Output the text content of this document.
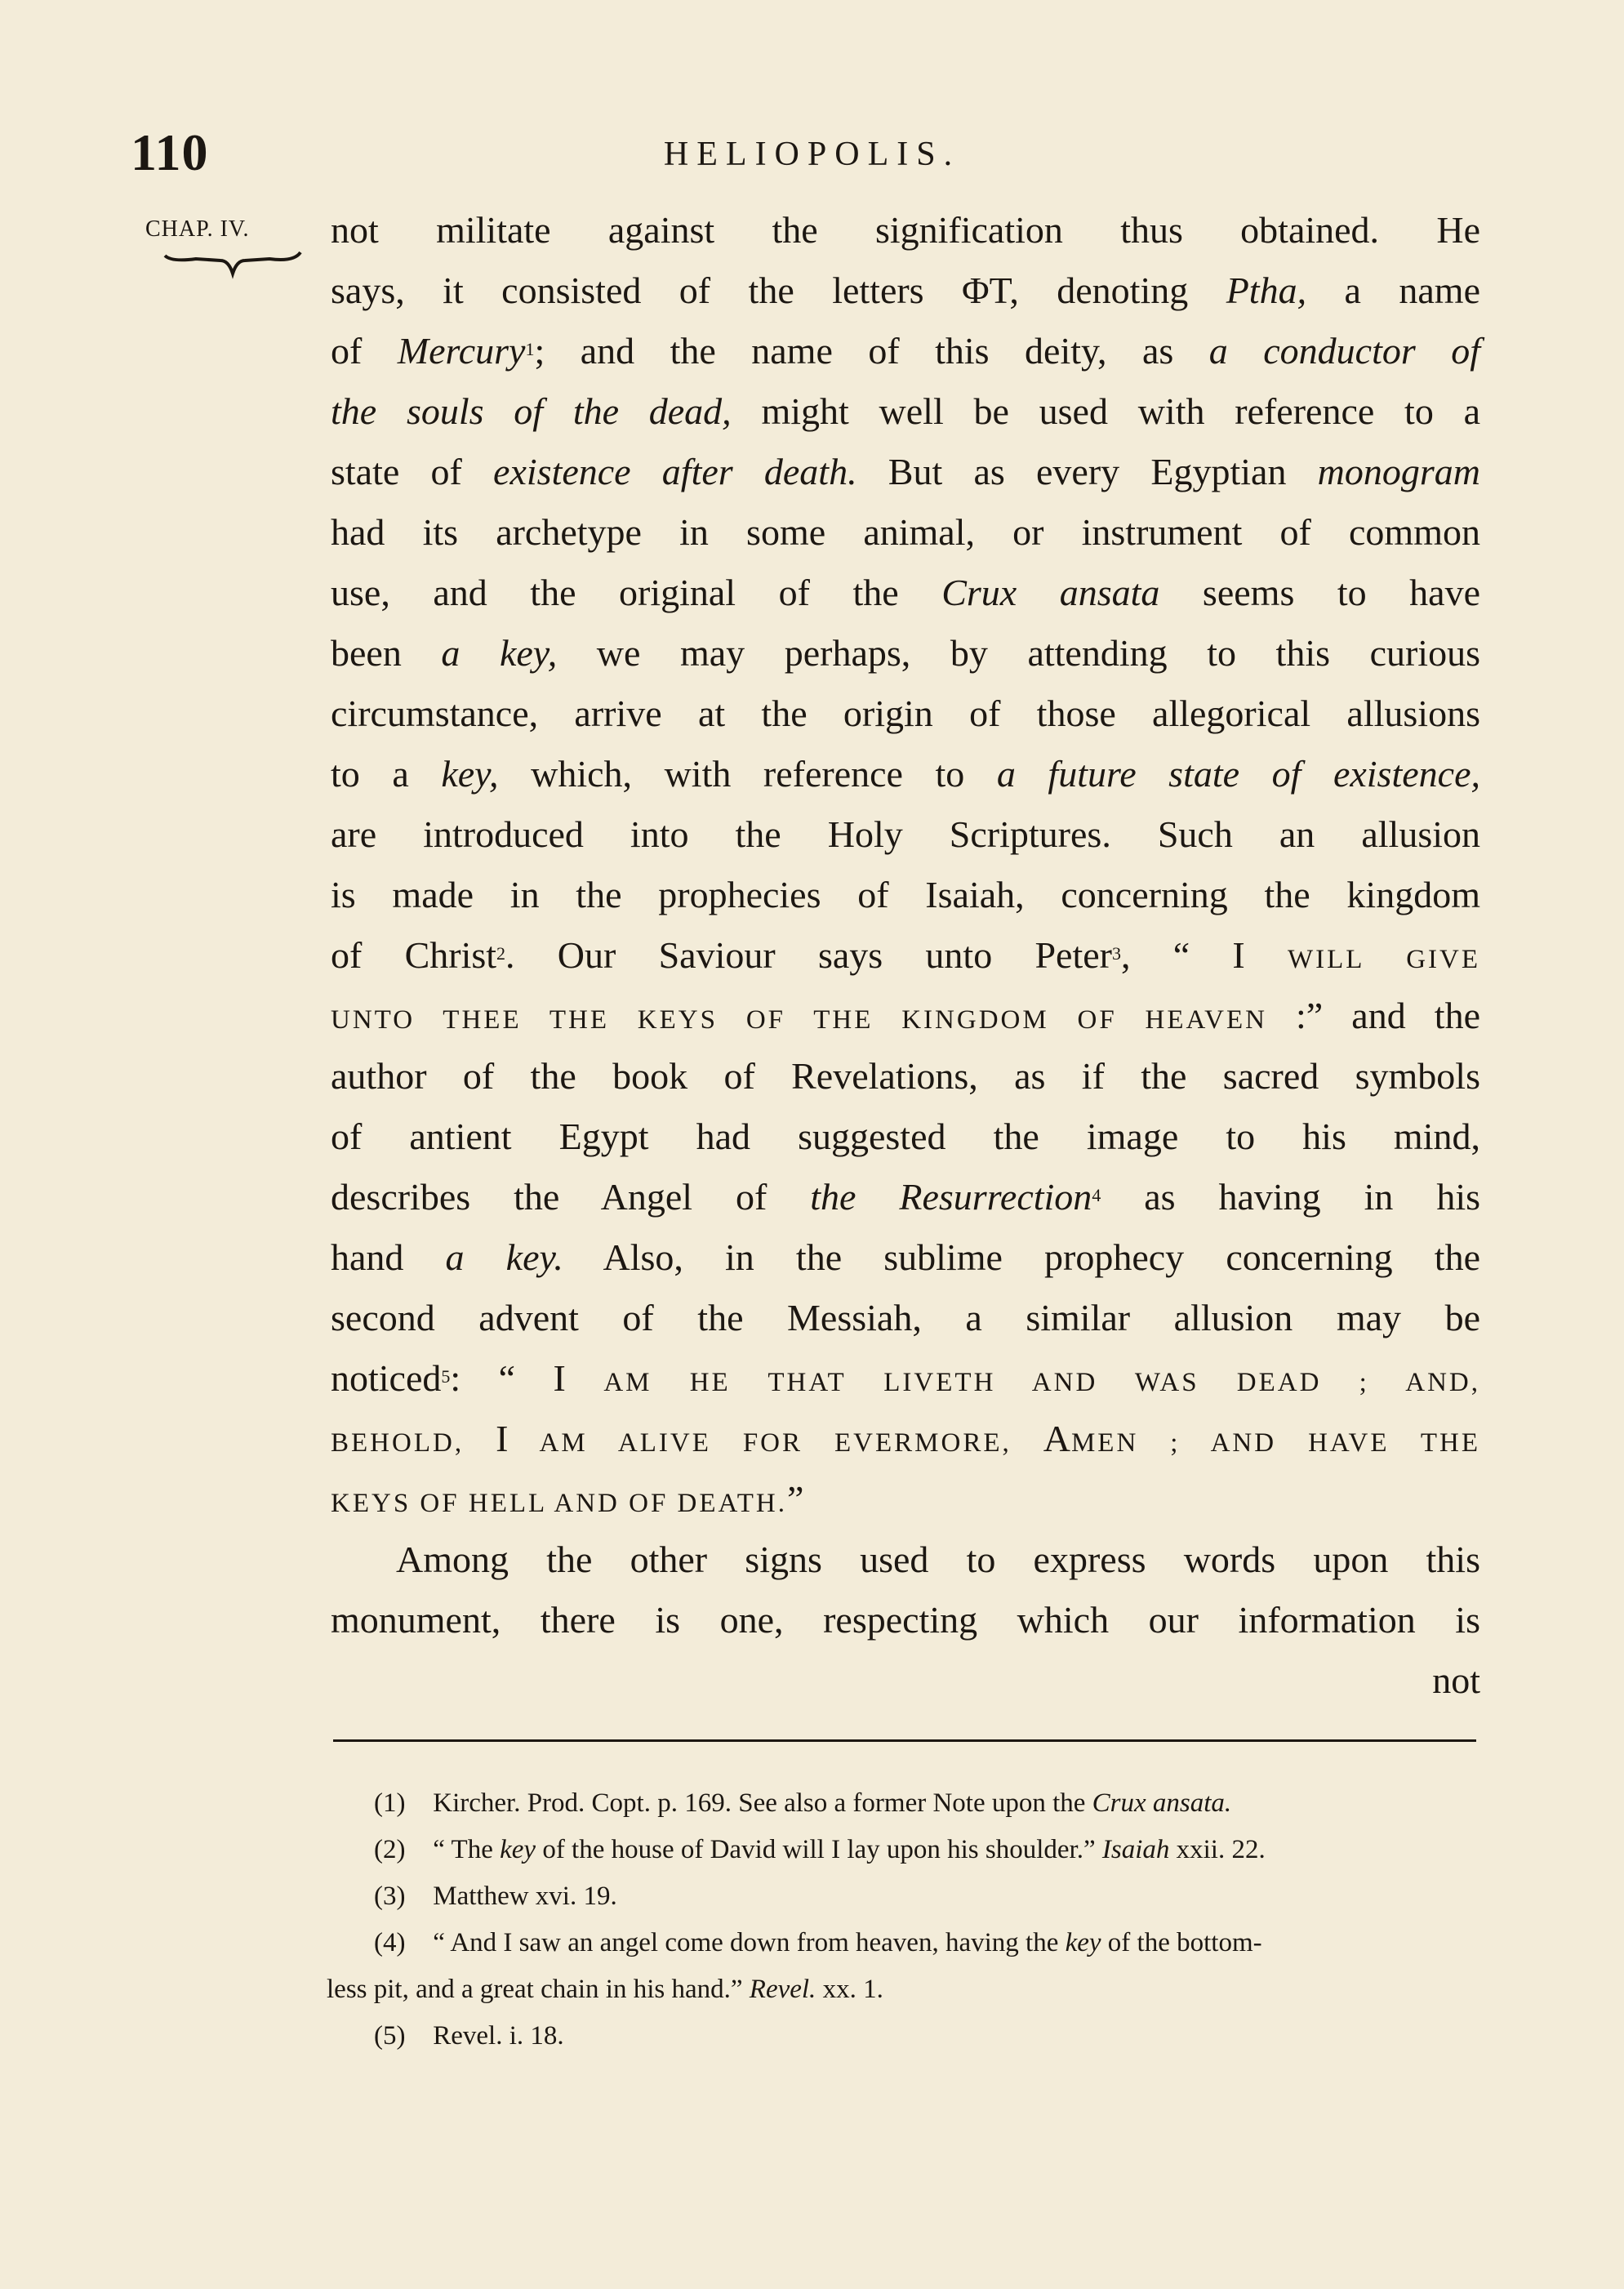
110	HELIOPOLIS.
CHAP. IV. not militate against the signification thus obtained. He
says, it consisted of the letters ΦT, denoting Ptha, a name
of Mercury$^1$; and the name of this deity, as a conductor of
the souls of the dead, might well be used with reference to a
state of existence after death. But as every Egyptian monogram
had its archetype in some animal, or instrument of common
use, and the original of the Crux ansata seems to have
been a key, we may perhaps, by attending to this curious
circumstance, arrive at the origin of those allegorical allusions
to a key, which, with reference to a future state of existence,
are introduced into the Holy Scriptures. Such an allusion
is made in the prophecies of Isaiah, concerning the kingdom
of Christ$^2$. Our Saviour says unto Peter$^3$, “ I WILL GIVE
UNTO THEE THE KEYS OF THE KINGDOM OF HEAVEN :” and the
author of the book of Revelations, as if the sacred symbols
of antient Egypt had suggested the image to his mind,
describes the Angel of the Resurrection$^4$ as having in his
hand a key. Also, in the sublime prophecy concerning the
second advent of the Messiah, a similar allusion may be
noticed$^5$: “ I AM HE THAT LIVETH AND WAS DEAD ; AND,
BEHOLD, I AM ALIVE FOR EVERMORE, AMEN ; AND HAVE THE
KEYS OF HELL AND OF DEATH.”
Among the other signs used to express words upon this
monument, there is one, respecting which our information is
not
(1) Kircher. Prod. Copt. p. 169. See also a former Note upon the Crux ansata.
(2) “ The key of the house of David will I lay upon his shoulder.” Isaiah xxii. 22.
(3) Matthew xvi. 19.
(4) “ And I saw an angel come down from heaven, having the key of the bottom-
less pit, and a great chain in his hand.” Revel. xx. 1.
(5) Revel. i. 18.
